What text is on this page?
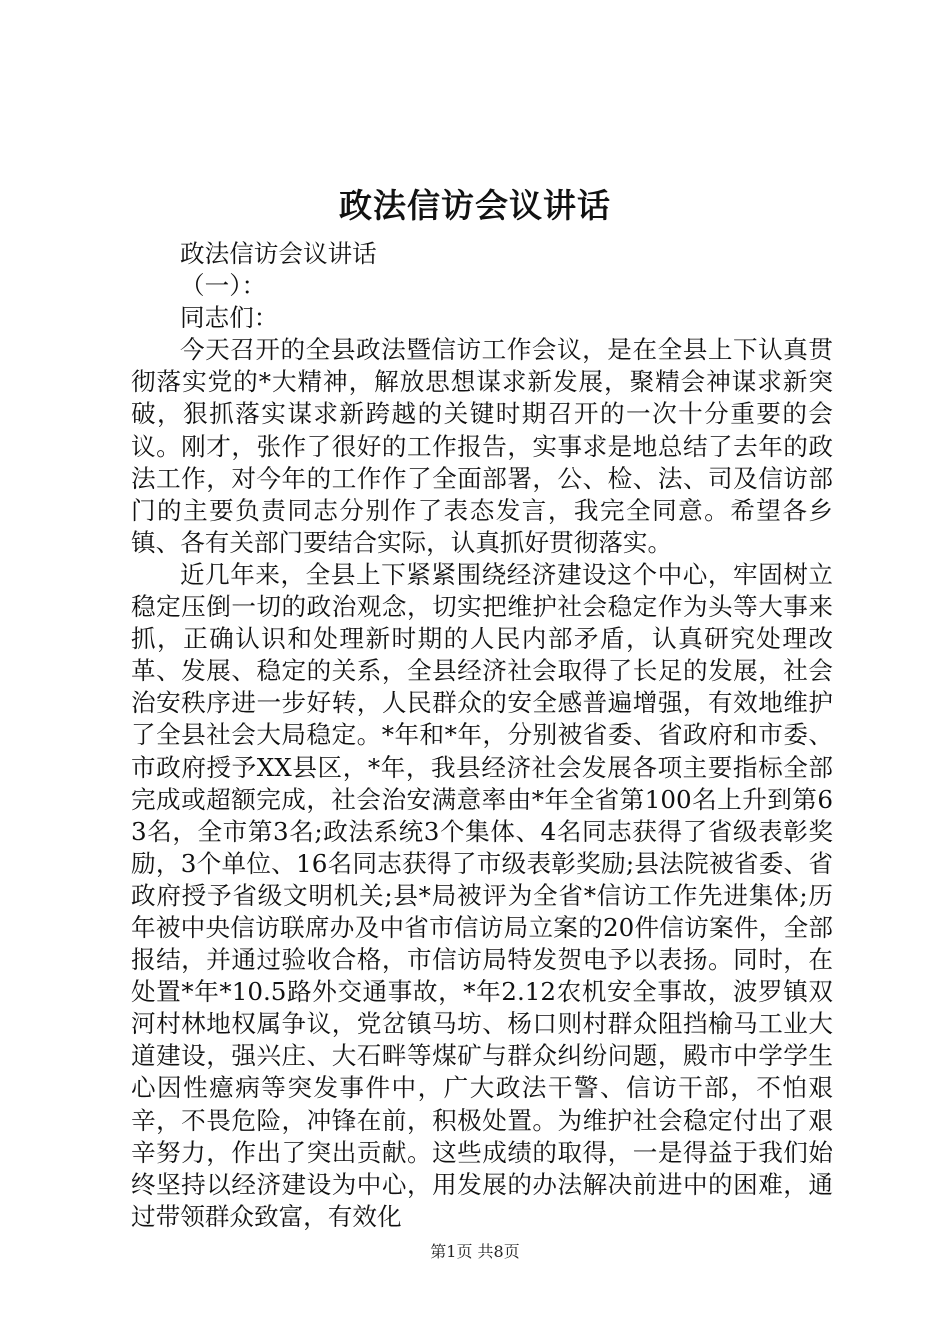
政法信访会议讲话

政法信访会议讲话

（一）：

同志们：

今天召开的全县政法暨信访工作会议，是在全县上下认真贯彻落实党的*大精神，解放思想谋求新发展，聚精会神谋求新突破，狠抓落实谋求新跨越的关键时期召开的一次十分重要的会议。刚才，张作了很好的工作报告，实事求是地总结了去年的政法工作，对今年的工作作了全面部署，公、检、法、司及信访部门的主要负责同志分别作了表态发言，我完全同意。希望各乡镇、各有关部门要结合实际，认真抓好贯彻落实。

近几年来，全县上下紧紧围绕经济建设这个中心，牢固树立稳定压倒一切的政治观念，切实把维护社会稳定作为头等大事来抓，正确认识和处理新时期的人民内部矛盾，认真研究处理改革、发展、稳定的关系，全县经济社会取得了长足的发展，社会治安秩序进一步好转，人民群众的安全感普遍增强，有效地维护了全县社会大局稳定。*年和*年，分别被省委、省政府和市委、市政府授予XX县区，*年，我县经济社会发展各项主要指标全部完成或超额完成，社会治安满意率由*年全省第100名上升到第63名，全市第3名;政法系统3个集体、4名同志获得了省级表彰奖励，3个单位、16名同志获得了市级表彰奖励;县法院被省委、省政府授予省级文明机关;县*局被评为全省*信访工作先进集体;历年被中央信访联席办及中省市信访局立案的20件信访案件，全部报结，并通过验收合格，市信访局特发贺电予以表扬。同时，在处置*年*10.5路外交通事故，*年2.12农机安全事故，波罗镇双河村林地权属争议，党岔镇马坊、杨口则村群众阻挡榆马工业大道建设，强兴庄、大石畔等煤矿与群众纠纷问题，殿市中学学生心因性癔病等突发事件中，广大政法干警、信访干部，不怕艰辛，不畏危险，冲锋在前，积极处置。为维护社会稳定付出了艰辛努力，作出了突出贡献。这些成绩的取得，一是得益于我们始终坚持以经济建设为中心，用发展的办法解决前进中的困难，通过带领群众致富，有效化

第1页 共8页
